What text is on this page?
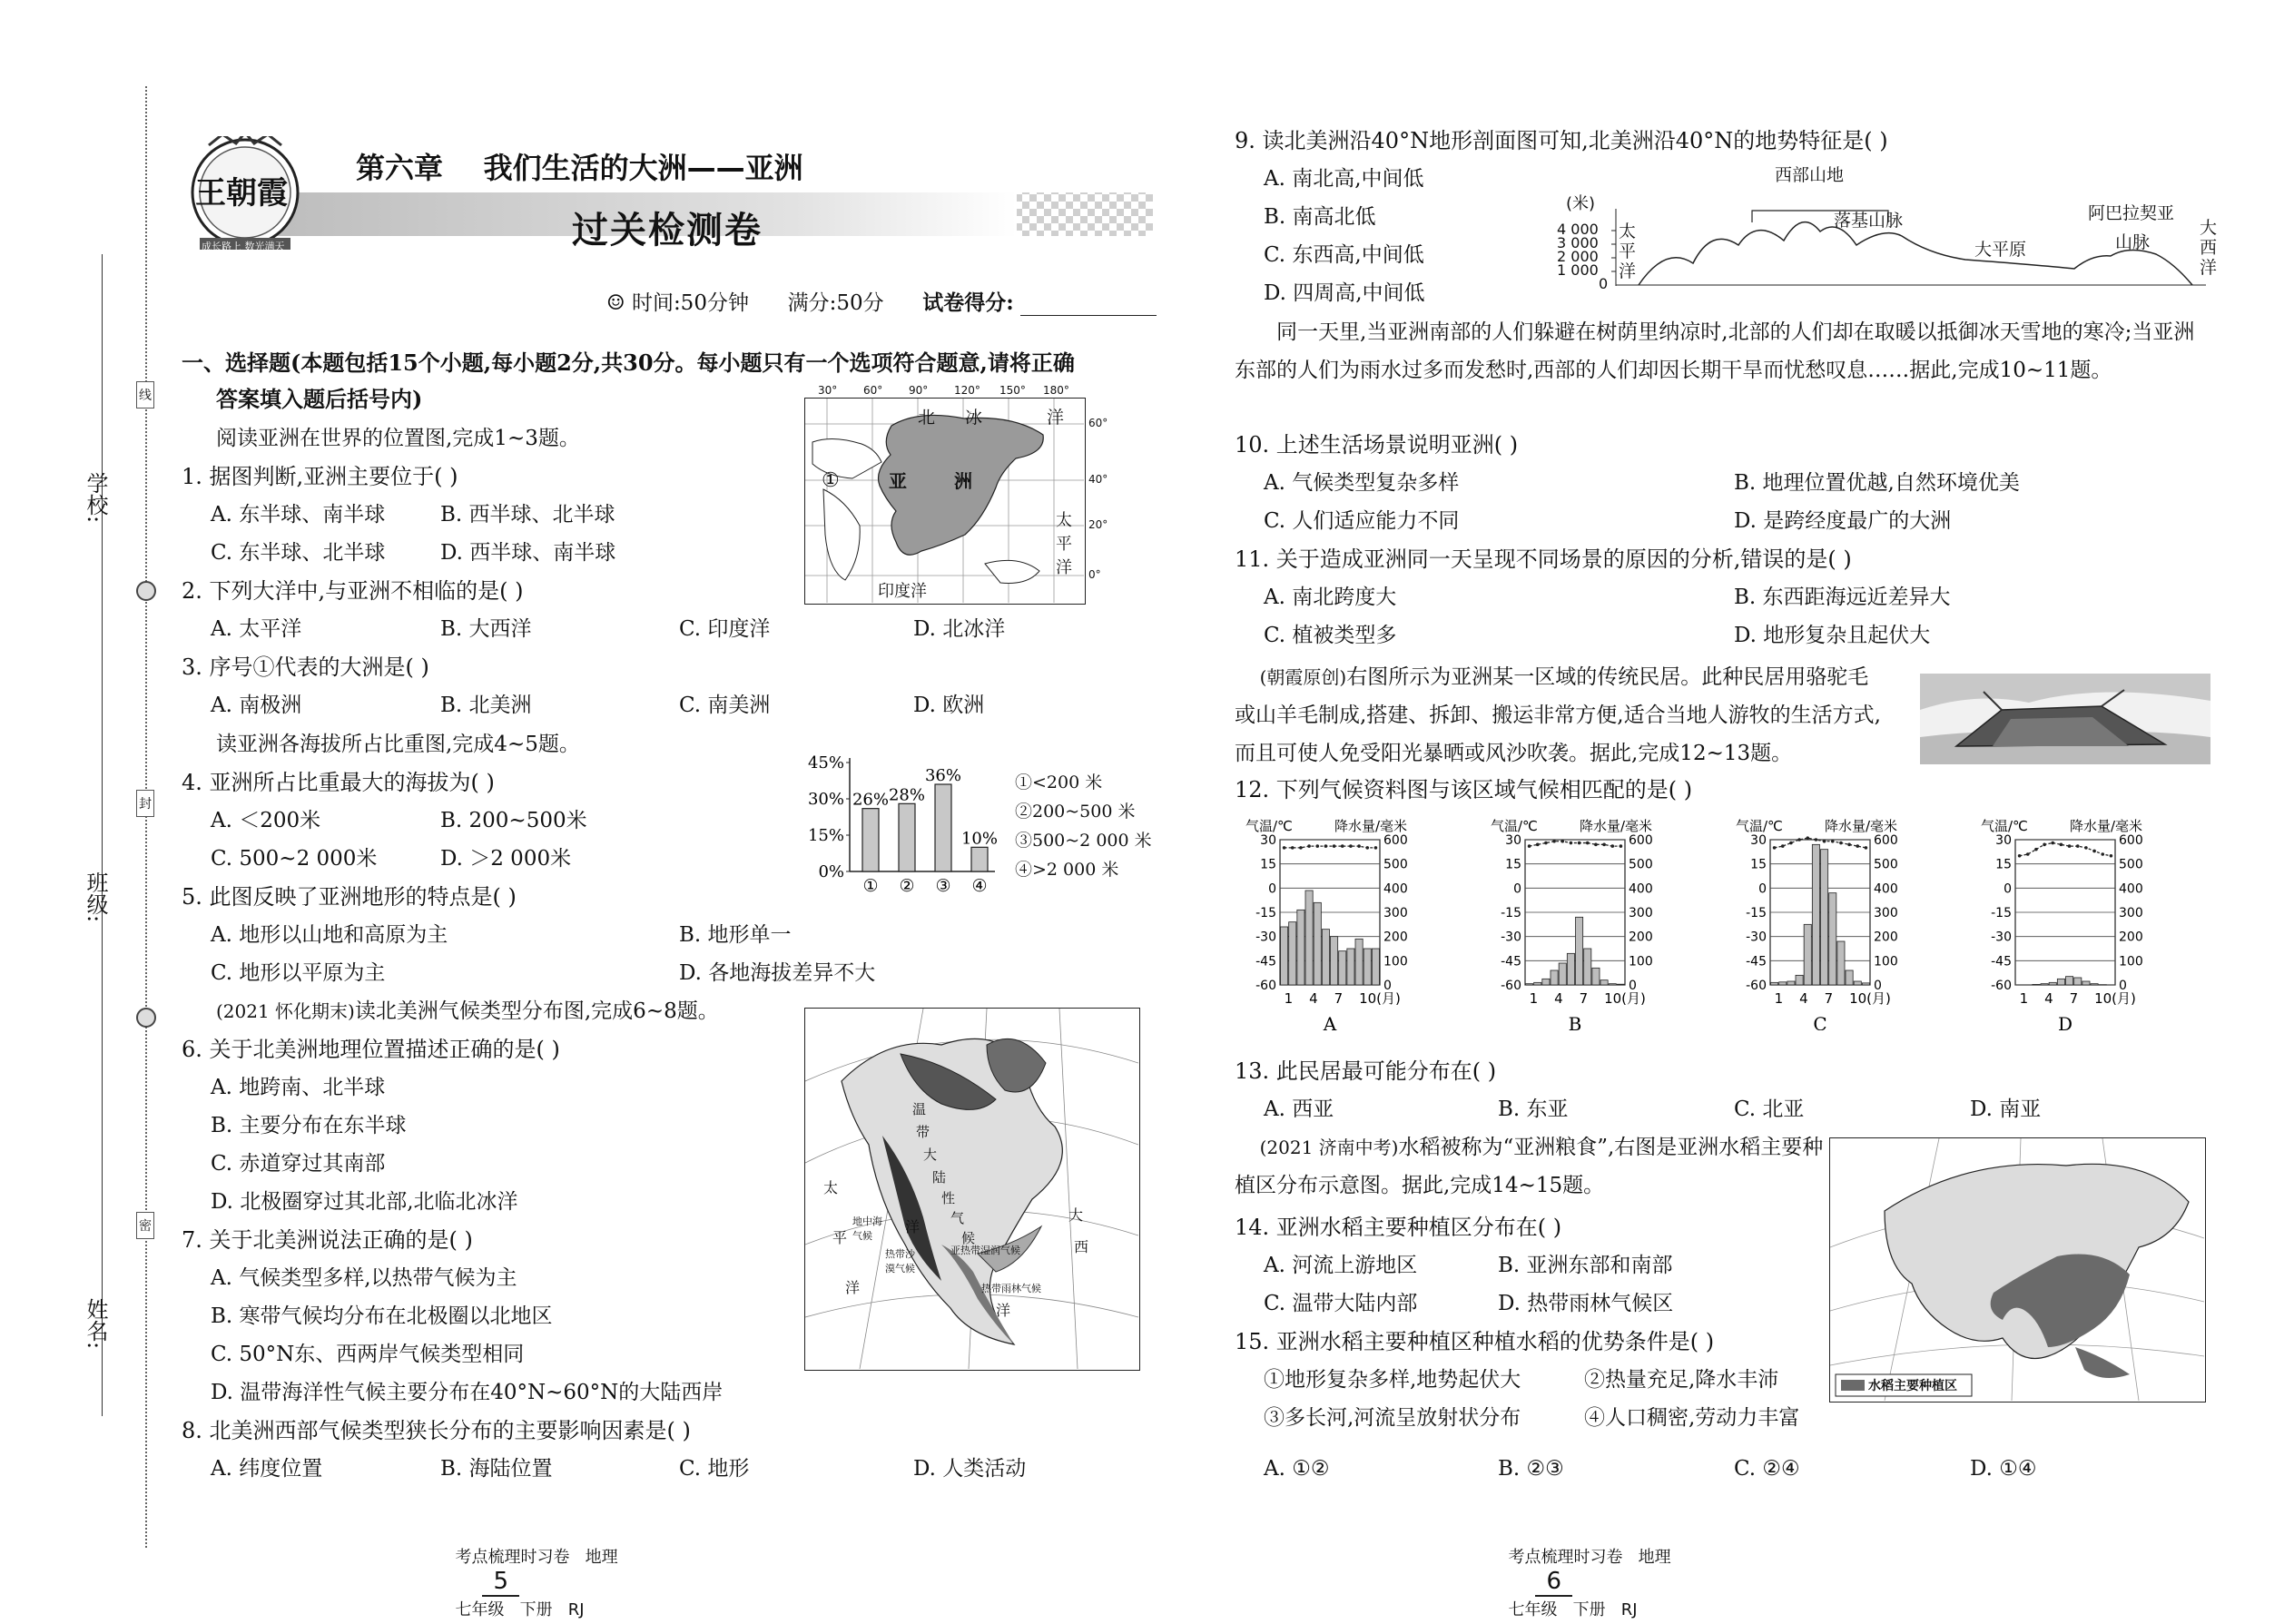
学校:
班级:
姓名:
线
封
密
王朝霞
成长路上 数光满天
第六章    我们生活的大洲——亚洲
过关检测卷
☺ 时间:50分钟 满分:50分 试卷得分:
一、选择题(本题包括15个小题,每小题2分,共30分。每小题只有一个选项符合题意,请将正确
答案填入题后括号内)
阅读亚洲在世界的位置图,完成1~3题。
1. 据图判断,亚洲主要位于( )
A. 东半球、南半球	B. 西半球、北半球
C. 东半球、北半球	D. 西半球、南半球
2. 下列大洋中,与亚洲不相临的是( )
A. 太平洋	B. 大西洋	C. 印度洋	D. 北冰洋
3. 序号①代表的大洲是( )
A. 南极洲	B. 北美洲	C. 南美洲	D. 欧洲
读亚洲各海拔所占比重图,完成4~5题。
4. 亚洲所占比重最大的海拔为( )
A. ＜200米	B. 200~500米
C. 500~2 000米	D. ＞2 000米
5. 此图反映了亚洲地形的特点是( )
A. 地形以山地和高原为主	B. 地形单一
C. 地形以平原为主	D. 各地海拔差异不大
(2021 怀化期末)读北美洲气候类型分布图,完成6~8题。
6. 关于北美洲地理位置描述正确的是( )
A. 地跨南、北半球
B. 主要分布在东半球
C. 赤道穿过其南部
D. 北极圈穿过其北部,北临北冰洋
7. 关于北美洲说法正确的是( )
A. 气候类型多样,以热带气候为主
B. 寒带气候均分布在北极圈以北地区
C. 50°N东、西两岸气候类型相同
D. 温带海洋性气候主要分布在40°N~60°N的大陆西岸
8. 北美洲西部气候类型狭长分布的主要影响因素是( )
A. 纬度位置	B. 海陆位置	C. 地形	D. 人类活动
30° 60° 90° 120° 150° 180°
60°
40°
20°
0°
北 冰	洋
亚	洲
①
太
平
洋
印度洋
45%
30%
15%
0%
26%
①
28%
②
36%
③
10%
④
①<200 米
②200~500 米
③500~2 000 米
④>2 000 米
太
平
洋
大
西
洋
温
带
大
陆
性
气
候
地中海气候
热带沙漠气候
亚热带湿润气候
热带雨林气候
洋

考点梳理时习卷   地理
5
七年级   下册   RJ

9. 读北美洲沿40°N地形剖面图可知,北美洲沿40°N的地势特征是( )
A. 南北高,中间低
B. 南高北低
C. 东西高,中间低
D. 四周高,中间低
(米)
4 000
3 000
2 000
1 000
0
西部山地
落基山脉
大平原
阿巴拉契亚
山脉
太平洋
大西洋
同一天里,当亚洲南部的人们躲避在树荫里纳凉时,北部的人们却在取暖以抵御冰天雪地的寒冷;当亚洲东部的人们为雨水过多而发愁时,西部的人们却因长期干旱而忧愁叹息……据此,完成10~11题。
10. 上述生活场景说明亚洲( )
A. 气候类型复杂多样	B. 地理位置优越,自然环境优美
C. 人们适应能力不同	D. 是跨经度最广的大洲
11. 关于造成亚洲同一天呈现不同场景的原因的分析,错误的是( )
A. 南北跨度大	B. 东西距海远近差异大
C. 植被类型多	D. 地形复杂且起伏大
(朝霞原创)右图所示为亚洲某一区域的传统民居。此种民居用骆驼毛或山羊毛制成,搭建、拆卸、搬运非常方便,适合当地人游牧的生活方式,而且可使人免受阳光暴晒或风沙吹袭。据此,完成12~13题。
12. 下列气候资料图与该区域气候相匹配的是( )
气温/℃	降水量/毫米
30	600
15	500
0	400
-15	300
-30	200
-45	100
-60	0
1 4 7 10(月)
A
气温/℃	降水量/毫米
30	600
15	500
0	400
-15	300
-30	200
-45	100
-60	0
1 4 7 10(月)
B
气温/℃	降水量/毫米
30	600
15	500
0	400
-15	300
-30	200
-45	100
-60	0
1 4 7 10(月)
C
气温/℃	降水量/毫米
30	600
15	500
0	400
-15	300
-30	200
-45	100
-60	0
1 4 7 10(月)
D
13. 此民居最可能分布在( )
A. 西亚	B. 东亚	C. 北亚	D. 南亚
(2021 济南中考)水稻被称为“亚洲粮食”,右图是亚洲水稻主要种植区分布示意图。据此,完成14~15题。
14. 亚洲水稻主要种植区分布在( )
A. 河流上游地区	B. 亚洲东部和南部
C. 温带大陆内部	D. 热带雨林气候区
15. 亚洲水稻主要种植区种植水稻的优势条件是( )
①地形复杂多样,地势起伏大	②热量充足,降水丰沛
③多长河,河流呈放射状分布	④人口稠密,劳动力丰富
A. ①②	B. ②③	C. ②④	D. ①④
水稻主要种植区

考点梳理时习卷   地理
6
七年级   下册   RJ
